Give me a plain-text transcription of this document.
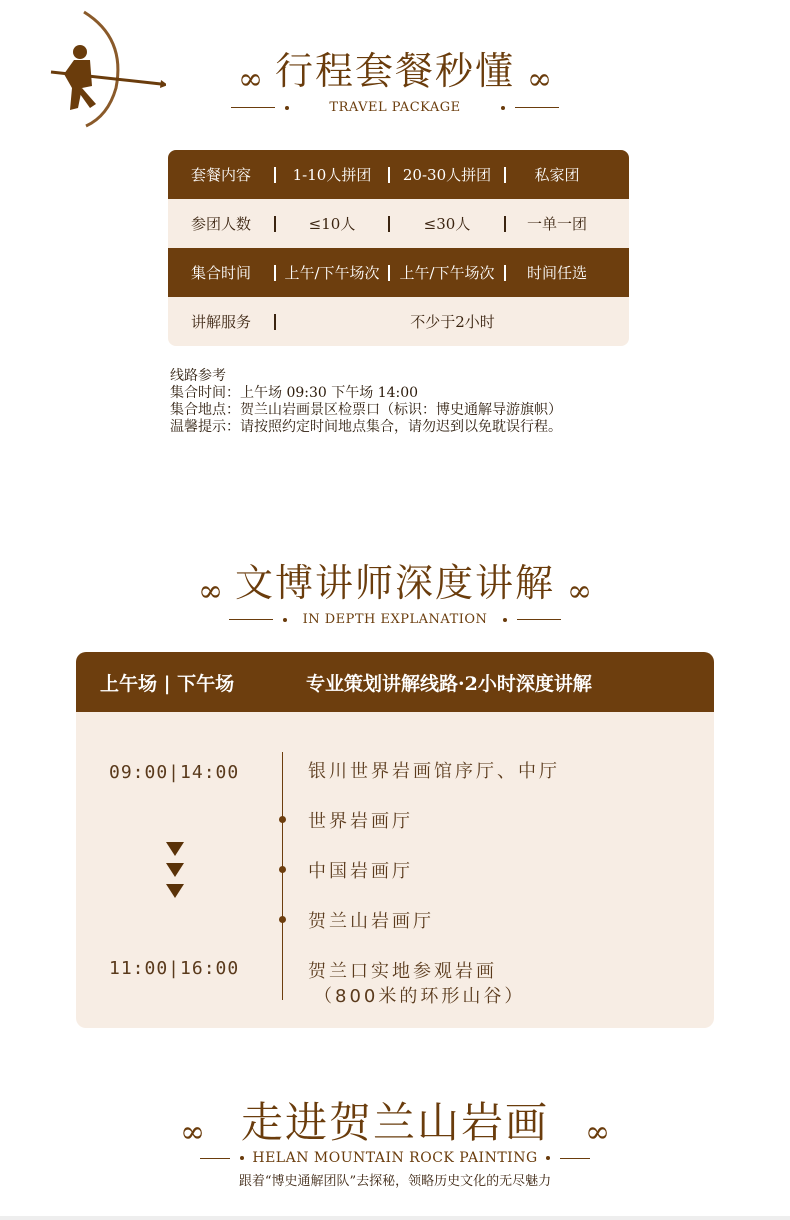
∞ 行程套餐秒懂 ∞
TRAVEL PACKAGE
套餐内容	1-10人拼团	20-30人拼团	私家团
参团人数	≤10人	≤30人	一单一团
集合时间	上午/下午场次	上午/下午场次	时间任选
讲解服务	不少于2小时
线路参考
集合时间：上午场 09:30 下午场 14:00
集合地点：贺兰山岩画景区检票口（标识：博史通解导游旗帜）
温馨提示：请按照约定时间地点集合，请勿迟到以免耽误行程。
∞ 文博讲师深度讲解 ∞
IN DEPTH EXPLANATION
上午场 | 下午场	专业策划讲解线路·2小时深度讲解
09:00|14:00
11:00|16:00
银川世界岩画馆序厅、中厅
世界岩画厅
中国岩画厅
贺兰山岩画厅
贺兰口实地参观岩画
（800米的环形山谷）
∞ 走进贺兰山岩画 ∞
HELAN MOUNTAIN ROCK PAINTING
跟着“博史通解团队”去探秘，领略历史文化的无尽魅力
